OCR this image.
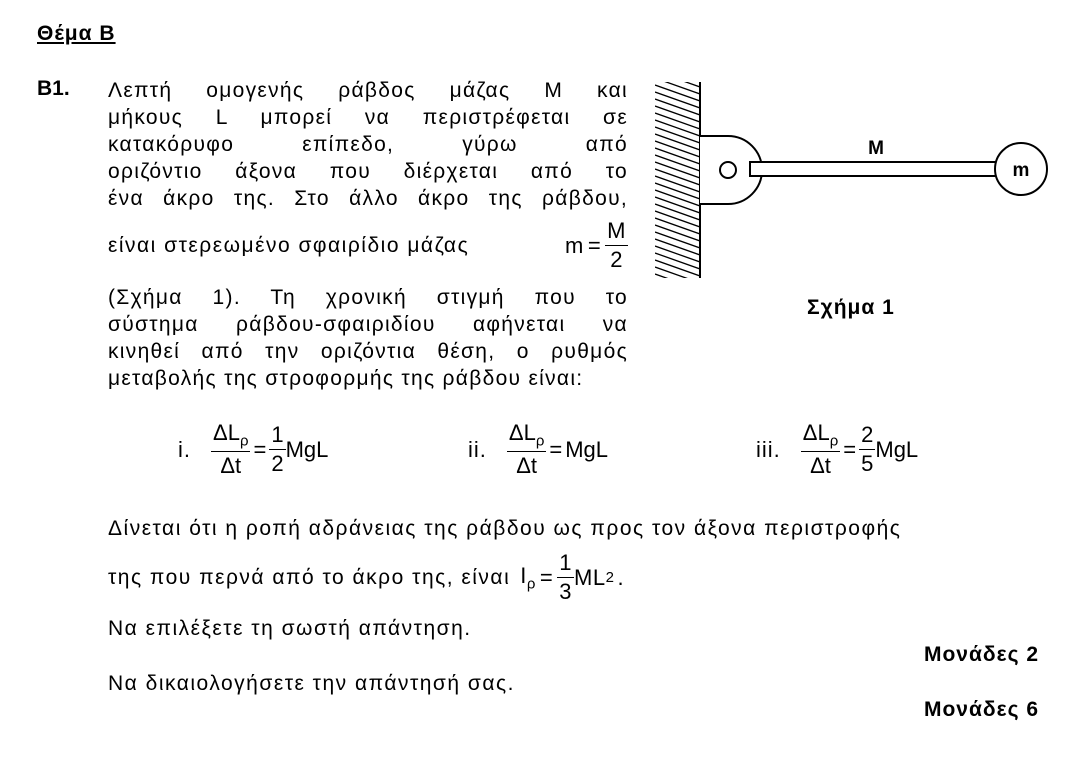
Θέμα Β
Β1. Λεπτή ομογενής ράβδος μάζας Μ και
μήκους L μπορεί να περιστρέφεται σε
κατακόρυφο επίπεδο, γύρω από
οριζόντιο άξονα που διέρχεται από το
ένα άκρο της. Στο άλλο άκρο της ράβδου,
είναι στερεωμένο σφαιρίδιο μάζας	$m = \frac{M}{2}$
(Σχήμα 1). Τη χρονική στιγμή που το
σύστημα ράβδου-σφαιριδίου αφήνεται να
κινηθεί από την οριζόντια θέση, ο ρυθμός
μεταβολής της στροφορμής της ράβδου είναι:
M
m
Σχήμα 1
i. $\frac{\Delta L_\rho}{\Delta t} = \frac{1}{2}$ MgL	ii. $\frac{\Delta L_\rho}{\Delta t}$ = MgL	iii. $\frac{\Delta L_\rho}{\Delta t} = \frac{2}{5}$ MgL
Δίνεται ότι η ροπή αδράνειας της ράβδου ως προς τον άξονα περιστροφής
της που περνά από το άκρο της, είναι $I_\rho = \frac{1}{3}$ ML 2 .
Να επιλέξετε τη σωστή απάντηση.
Μονάδες 2
Να δικαιολογήσετε την απάντησή σας.
Μονάδες 6
